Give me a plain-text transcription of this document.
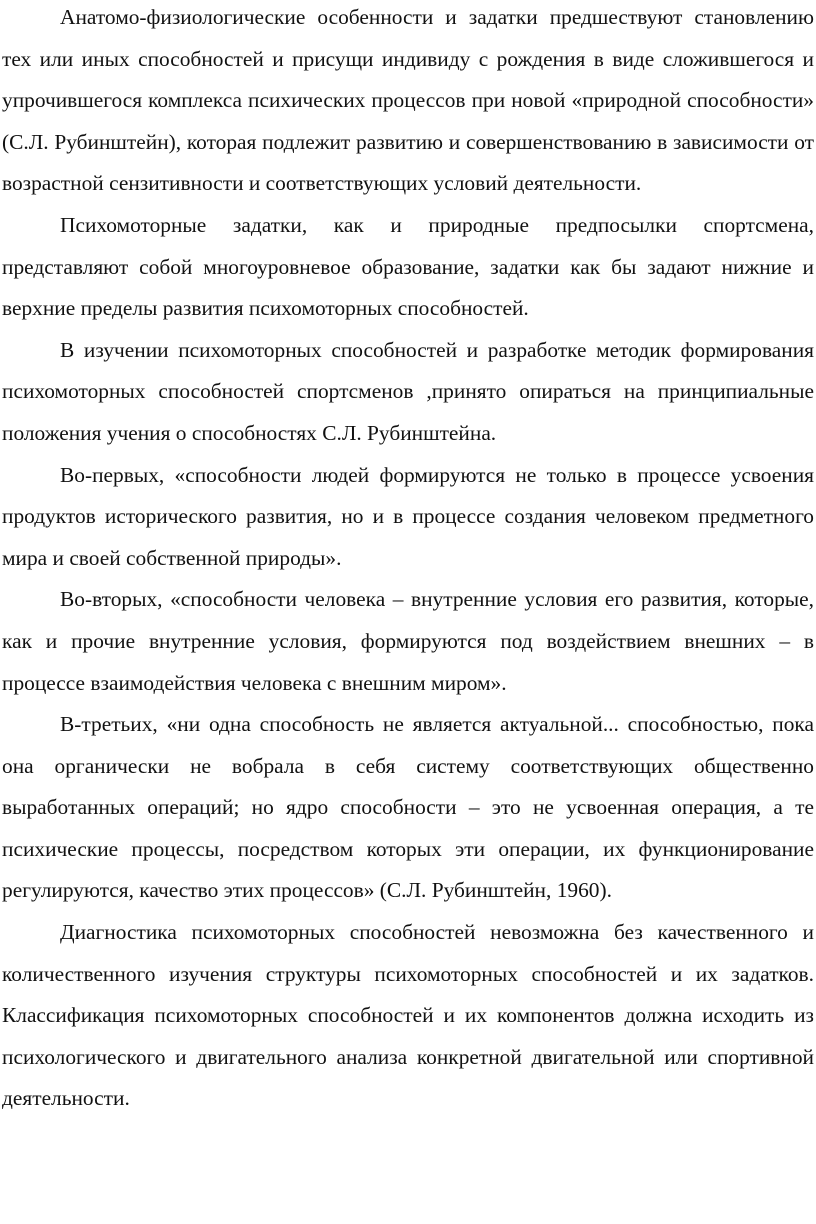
Анатомо-физиологические особенности и задатки предшествуют становлению тех или иных способностей и присущи индивиду с рождения в виде сложившегося и упрочившегося комплекса психических процессов при новой «природной способности» (С.Л. Рубинштейн), которая подлежит развитию и совершенствованию в зависимости от возрастной сензитивности и соответствующих условий деятельности.

Психомоторные задатки, как и природные предпосылки спортсмена, представляют собой многоуровневое образование, задатки как бы задают нижние и верхние пределы развития психомоторных способностей.

В изучении психомоторных способностей и разработке методик формирования психомоторных способностей спортсменов ,принято опираться на принципиальные положения учения о способностях С.Л. Рубинштейна.

Во-первых, «способности людей формируются не только в процессе усвоения продуктов исторического развития, но и в процессе создания человеком предметного мира и своей собственной природы».

Во-вторых, «способности человека – внутренние условия его развития, которые, как и прочие внутренние условия, формируются под воздействием внешних – в процессе взаимодействия человека с внешним миром».

В-третьих, «ни одна способность не является актуальной... способностью, пока она органически не вобрала в себя систему соответствующих общественно выработанных операций; но ядро способности – это не усвоенная операция, а те психические процессы, посредством которых эти операции, их функционирование регулируются, качество этих процессов» (С.Л. Рубинштейн, 1960).

Диагностика психомоторных способностей невозможна без качественного и количественного изучения структуры психомоторных способностей и их задатков. Классификация психомоторных способностей и их компонентов должна исходить из психологического и двигательного анализа конкретной двигательной или спортивной деятельности.
